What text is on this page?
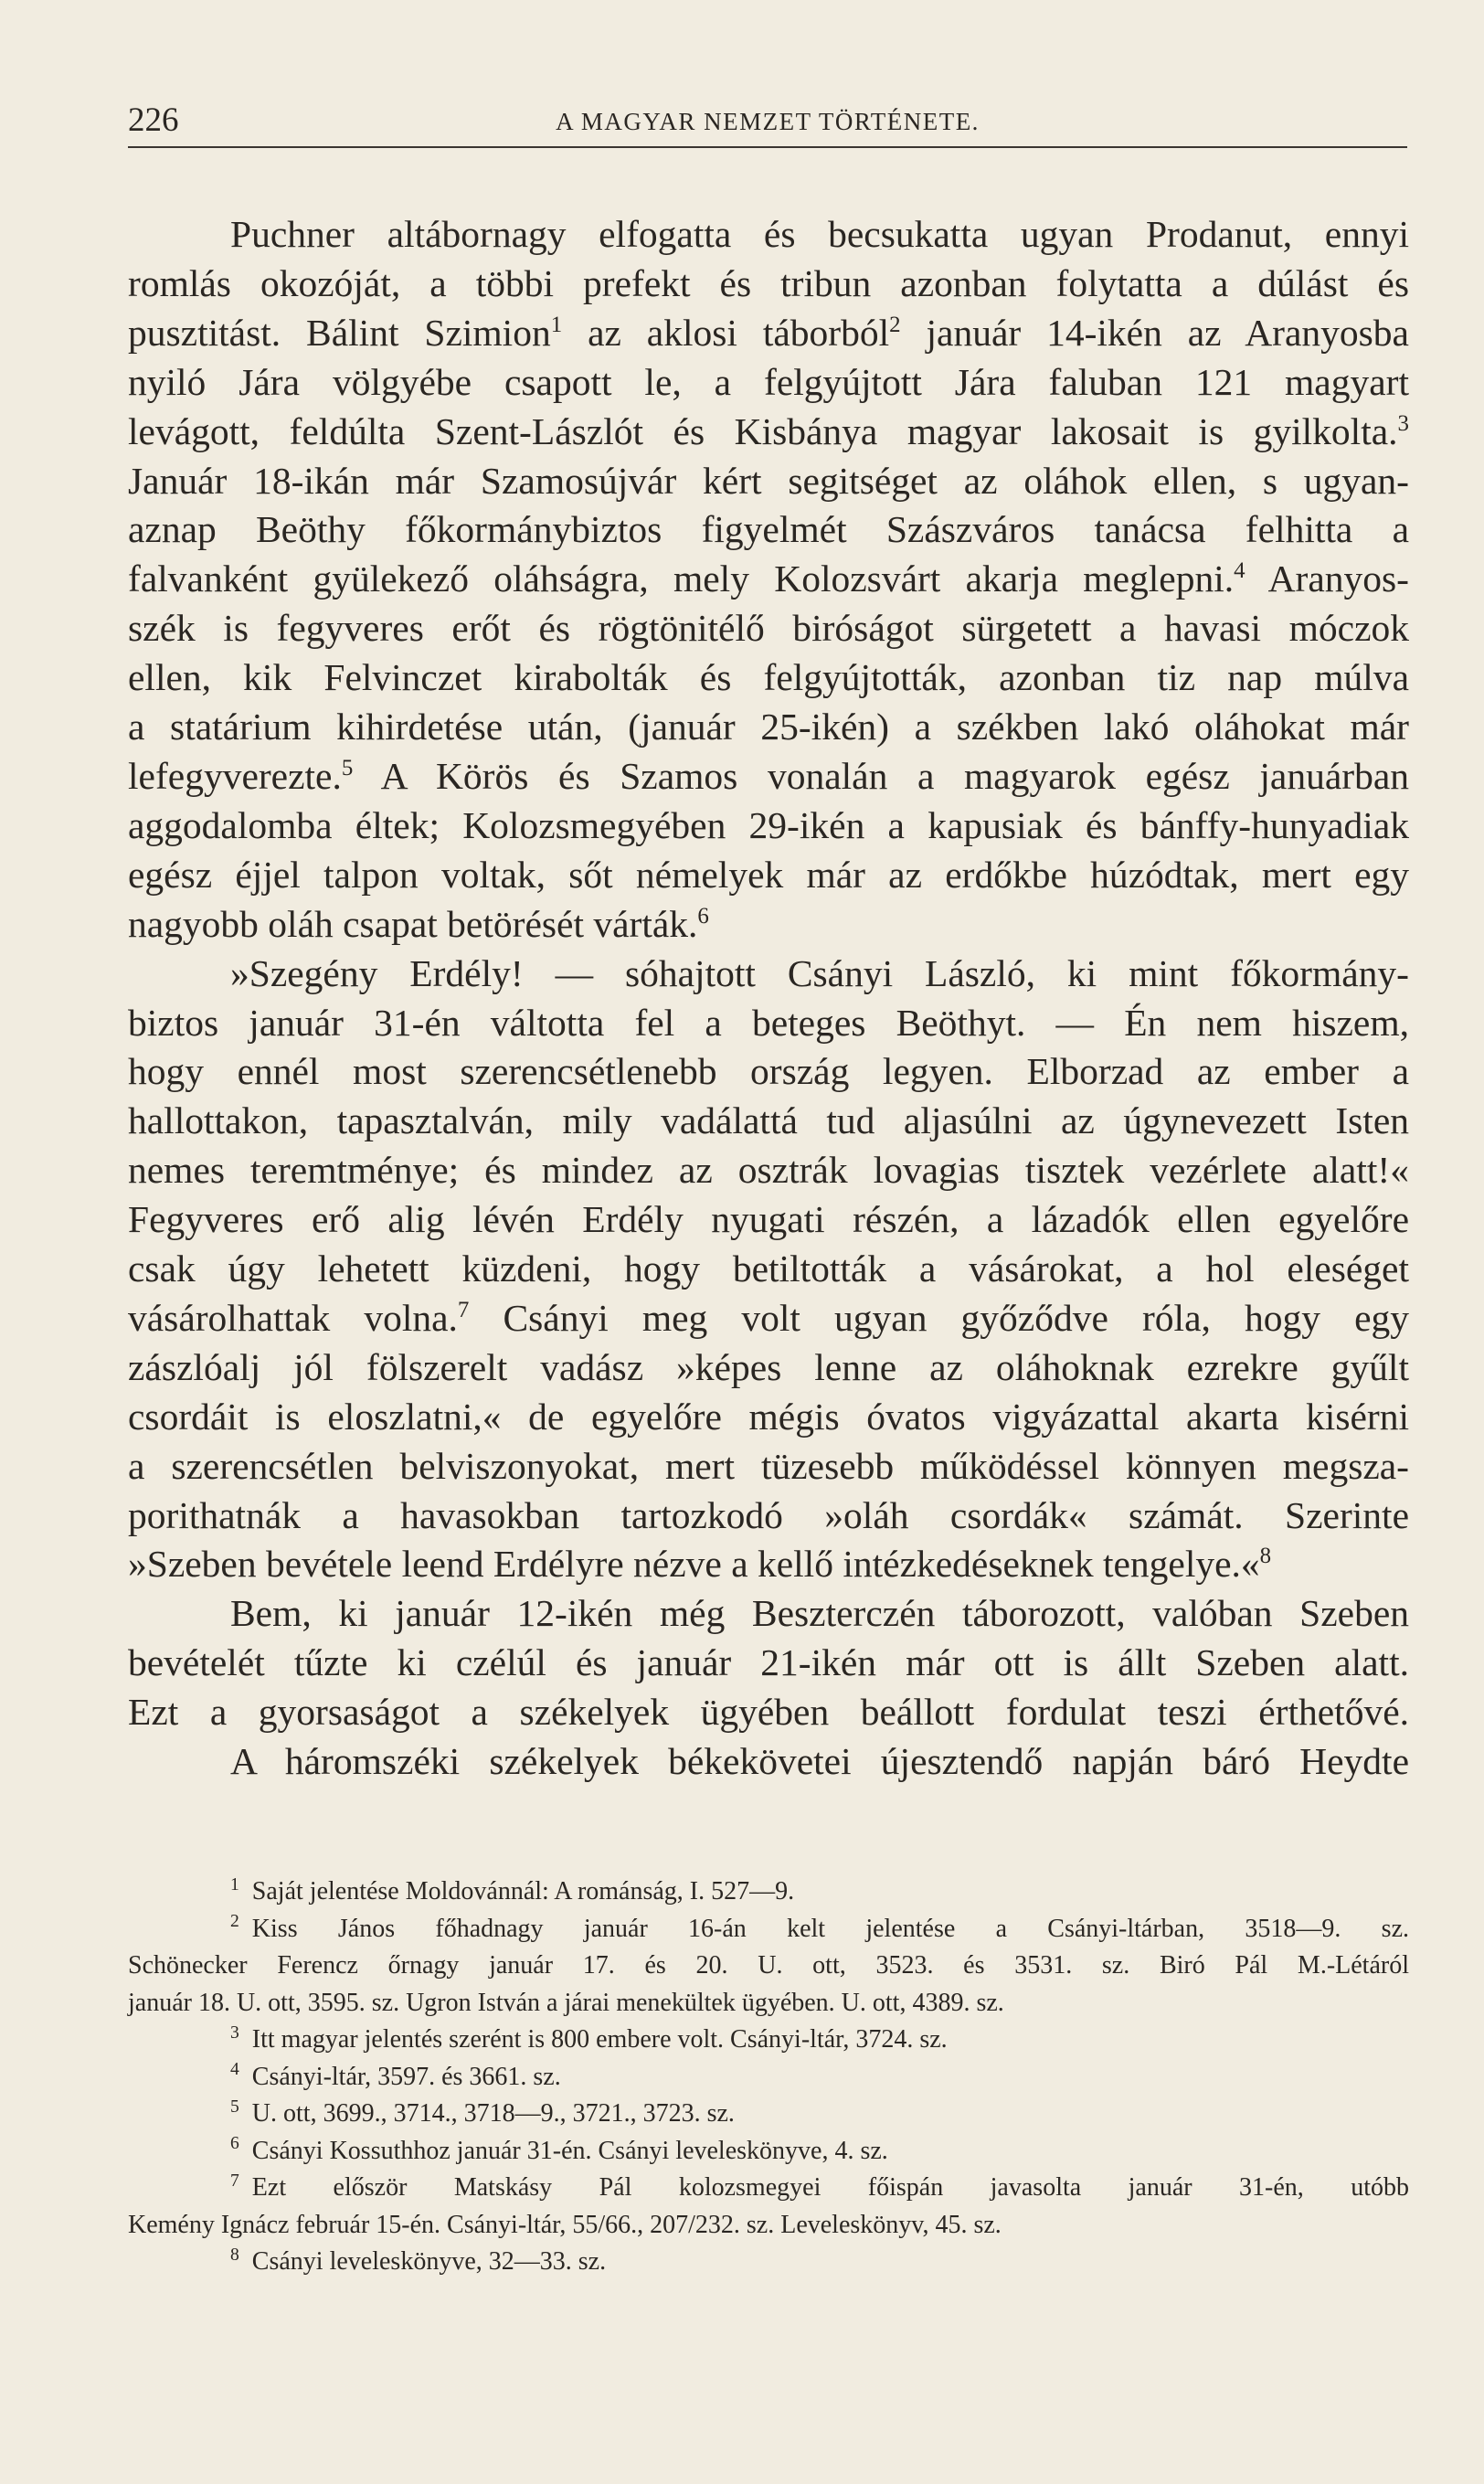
226	A MAGYAR NEMZET TÖRTÉNETE.

Puchner altábornagy elfogatta és becsukatta ugyan Prodanut, ennyi
romlás okozóját, a többi prefekt és tribun azonban folytatta a dúlást és
pusztitást. Bálint Szimion$^1$ az aklosi táborból$^2$ január 14-ikén az Aranyosba
nyiló Jára völgyébe csapott le, a felgyújtott Jára faluban 121 magyart
levágott, feldúlta Szent-Lászlót és Kisbánya magyar lakosait is gyilkolta.$^3$
Január 18-ikán már Szamosújvár kért segitséget az oláhok ellen, s ugyan-
aznap Beöthy főkormánybiztos figyelmét Szászváros tanácsa felhitta a
falvanként gyülekező oláhságra, mely Kolozsvárt akarja meglepni.$^4$ Aranyos-
szék is fegyveres erőt és rögtönitélő biróságot sürgetett a havasi móczok
ellen, kik Felvinczet kirabolták és felgyújtották, azonban tiz nap múlva
a statárium kihirdetése után, (január 25-ikén) a székben lakó oláhokat már
lefegyverezte.$^5$ A Körös és Szamos vonalán a magyarok egész januárban
aggodalomba éltek; Kolozsmegyében 29-ikén a kapusiak és bánffy-hunyadiak
egész éjjel talpon voltak, sőt némelyek már az erdőkbe húzódtak, mert egy
nagyobb oláh csapat betörését várták.$^6$

»Szegény Erdély! — sóhajtott Csányi László, ki mint főkormány-
biztos január 31-én váltotta fel a beteges Beöthyt. — Én nem hiszem,
hogy ennél most szerencsétlenebb ország legyen. Elborzad az ember a
hallottakon, tapasztalván, mily vadálattá tud aljasúlni az úgynevezett Isten
nemes teremtménye; és mindez az osztrák lovagias tisztek vezérlete alatt!«
Fegyveres erő alig lévén Erdély nyugati részén, a lázadók ellen egyelőre
csak úgy lehetett küzdeni, hogy betiltották a vásárokat, a hol eleséget
vásárolhattak volna.$^7$ Csányi meg volt ugyan győződve róla, hogy egy
zászlóalj jól fölszerelt vadász »képes lenne az oláhoknak ezrekre gyűlt
csordáit is eloszlatni,« de egyelőre mégis óvatos vigyázattal akarta kisérni
a szerencsétlen belviszonyokat, mert tüzesebb működéssel könnyen megsza-
porithatnák a havasokban tartozkodó »oláh csordák« számát. Szerinte
»Szeben bevétele leend Erdélyre nézve a kellő intézkedéseknek tengelye.«$^8$

Bem, ki január 12-ikén még Beszterczén táborozott, valóban Szeben
bevételét tűzte ki czélúl és január 21-ikén már ott is állt Szeben alatt.
Ezt a gyorsaságot a székelyek ügyében beállott fordulat teszi érthetővé.
A háromszéki székelyek békekövetei újesztendő napján báró Heydte

1 Saját jelentése Moldovánnál: A románság, I. 527—9.
2 Kiss János főhadnagy január 16-án kelt jelentése a Csányi-ltárban, 3518—9. sz.
Schönecker Ferencz őrnagy január 17. és 20. U. ott, 3523. és 3531. sz. Biró Pál M.-Létáról
január 18. U. ott, 3595. sz. Ugron István a járai menekültek ügyében. U. ott, 4389. sz.
3 Itt magyar jelentés szerént is 800 embere volt. Csányi-ltár, 3724. sz.
4 Csányi-ltár, 3597. és 3661. sz.
5 U. ott, 3699., 3714., 3718—9., 3721., 3723. sz.
6 Csányi Kossuthhoz január 31-én. Csányi leveleskönyve, 4. sz.
7 Ezt először Matskásy Pál kolozsmegyei főispán javasolta január 31-én, utóbb
Kemény Ignácz február 15-én. Csányi-ltár, 55/66., 207/232. sz. Leveleskönyv, 45. sz.
8 Csányi leveleskönyve, 32—33. sz.
